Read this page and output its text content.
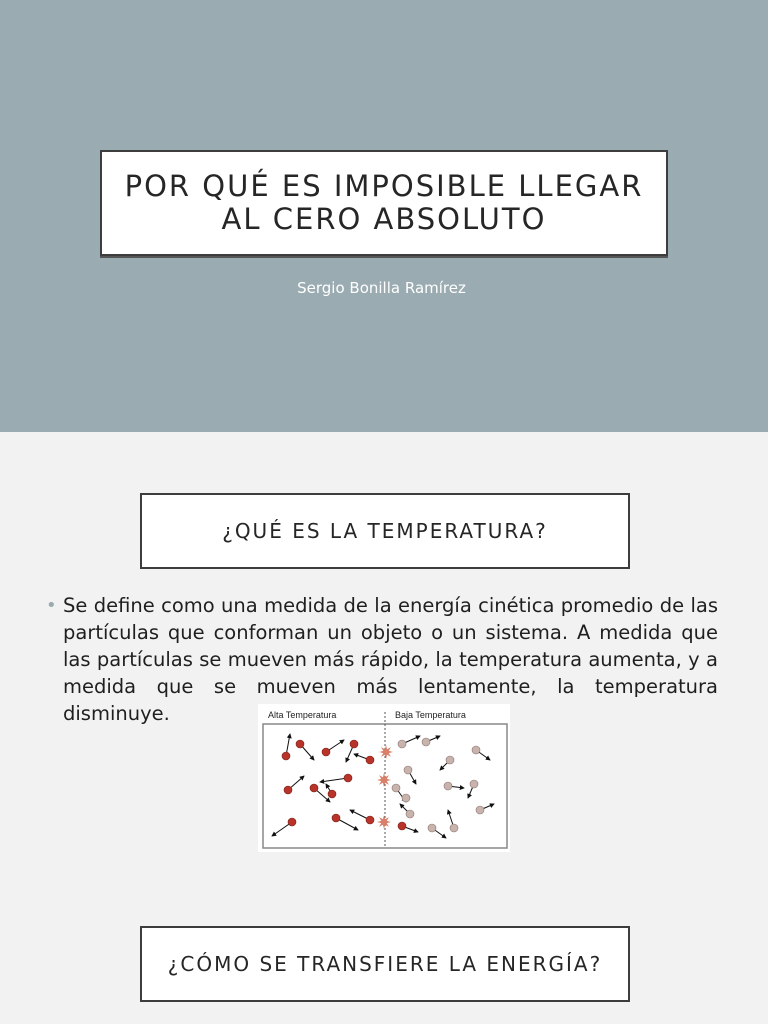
POR QUÉ ES IMPOSIBLE LLEGAR AL CERO ABSOLUTO
Sergio Bonilla Ramírez
¿QUÉ ES LA TEMPERATURA?
• Se define como una medida de la energía cinética promedio de las partículas que conforman un objeto o un sistema. A medida que las partículas se mueven más rápido, la temperatura aumenta, y a medida que se mueven más lentamente, la temperatura disminuye.	Alta Temperatura	Baja Temperatura
¿CÓMO SE TRANSFIERE LA ENERGÍA?
